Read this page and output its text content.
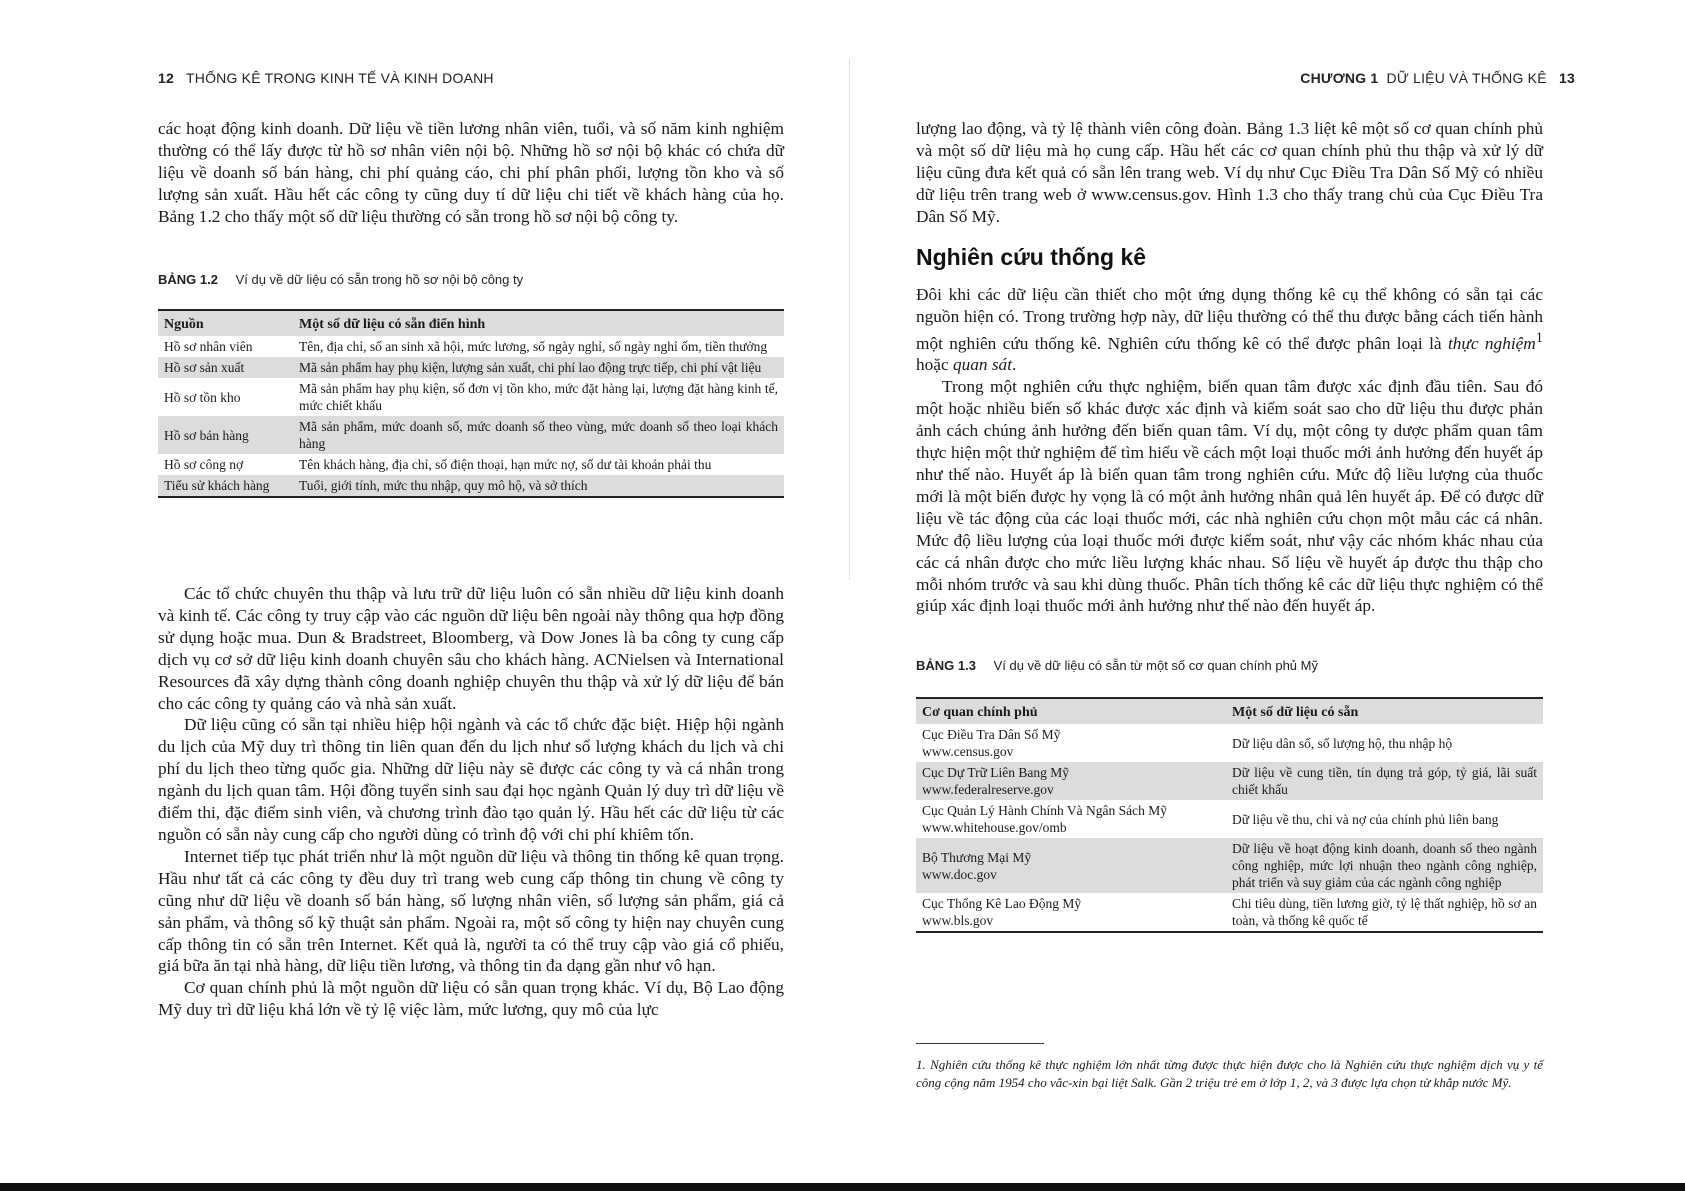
12 THỐNG KÊ TRONG KINH TẾ VÀ KINH DOANH

các hoạt động kinh doanh. Dữ liệu về tiền lương nhân viên, tuổi, và số năm kinh nghiệm thường có thể lấy được từ hồ sơ nhân viên nội bộ. Những hồ sơ nội bộ khác có chứa dữ liệu về doanh số bán hàng, chi phí quảng cáo, chi phí phân phối, lượng tồn kho và số lượng sản xuất. Hầu hết các công ty cũng duy tí dữ liệu chi tiết về khách hàng của họ. Bảng 1.2 cho thấy một số dữ liệu thường có sẵn trong hồ sơ nội bộ công ty.

BẢNG 1.2 Ví dụ về dữ liệu có sẵn trong hồ sơ nội bộ công ty
Nguồn	Một số dữ liệu có sẵn điển hình
Hồ sơ nhân viên	Tên, địa chỉ, số an sinh xã hội, mức lương, số ngày nghỉ, số ngày nghỉ ốm, tiền thưởng
Hồ sơ sản xuất	Mã sản phẩm hay phụ kiện, lượng sản xuất, chi phí lao động trực tiếp, chi phí vật liệu
Hồ sơ tồn kho	Mã sản phẩm hay phụ kiện, số đơn vị tồn kho, mức đặt hàng lại, lượng đặt hàng kinh tế, mức chiết khấu
Hồ sơ bán hàng	Mã sản phẩm, mức doanh số, mức doanh số theo vùng, mức doanh số theo loại khách hàng
Hồ sơ công nợ	Tên khách hàng, địa chỉ, số điện thoại, hạn mức nợ, số dư tài khoản phải thu
Tiểu sử khách hàng	Tuổi, giới tính, mức thu nhập, quy mô hộ, và sở thích

Các tổ chức chuyên thu thập và lưu trữ dữ liệu luôn có sẵn nhiều dữ liệu kinh doanh và kinh tế. Các công ty truy cập vào các nguồn dữ liệu bên ngoài này thông qua hợp đồng sử dụng hoặc mua. Dun & Bradstreet, Bloomberg, và Dow Jones là ba công ty cung cấp dịch vụ cơ sở dữ liệu kinh doanh chuyên sâu cho khách hàng. ACNielsen và International Resources đã xây dựng thành công doanh nghiệp chuyên thu thập và xử lý dữ liệu để bán cho các công ty quảng cáo và nhà sản xuất.

Dữ liệu cũng có sẵn tại nhiều hiệp hội ngành và các tổ chức đặc biệt. Hiệp hội ngành du lịch của Mỹ duy trì thông tin liên quan đến du lịch như số lượng khách du lịch và chi phí du lịch theo từng quốc gia. Những dữ liệu này sẽ được các công ty và cá nhân trong ngành du lịch quan tâm. Hội đồng tuyển sinh sau đại học ngành Quản lý duy trì dữ liệu về điểm thi, đặc điểm sinh viên, và chương trình đào tạo quản lý. Hầu hết các dữ liệu từ các nguồn có sẵn này cung cấp cho người dùng có trình độ với chi phí khiêm tốn.

Internet tiếp tục phát triển như là một nguồn dữ liệu và thông tin thống kê quan trọng. Hầu như tất cả các công ty đều duy trì trang web cung cấp thông tin chung về công ty cũng như dữ liệu về doanh số bán hàng, số lượng nhân viên, số lượng sản phẩm, giá cả sản phẩm, và thông số kỹ thuật sản phẩm. Ngoài ra, một số công ty hiện nay chuyên cung cấp thông tin có sẵn trên Internet. Kết quả là, người ta có thể truy cập vào giá cổ phiếu, giá bữa ăn tại nhà hàng, dữ liệu tiền lương, và thông tin đa dạng gần như vô hạn.

Cơ quan chính phủ là một nguồn dữ liệu có sẵn quan trọng khác. Ví dụ, Bộ Lao động Mỹ duy trì dữ liệu khá lớn về tỷ lệ việc làm, mức lương, quy mô của lực

CHƯƠNG 1 DỮ LIỆU VÀ THỐNG KÊ 13

lượng lao động, và tỷ lệ thành viên công đoàn. Bảng 1.3 liệt kê một số cơ quan chính phủ và một số dữ liệu mà họ cung cấp. Hầu hết các cơ quan chính phủ thu thập và xử lý dữ liệu cũng đưa kết quả có sẵn lên trang web. Ví dụ như Cục Điều Tra Dân Số Mỹ có nhiều dữ liệu trên trang web ở www.census.gov. Hình 1.3 cho thấy trang chủ của Cục Điều Tra Dân Số Mỹ.

Nghiên cứu thống kê

Đôi khi các dữ liệu cần thiết cho một ứng dụng thống kê cụ thể không có sẵn tại các nguồn hiện có. Trong trường hợp này, dữ liệu thường có thể thu được bằng cách tiến hành một nghiên cứu thống kê. Nghiên cứu thống kê có thể được phân loại là thực nghiệm$^1$ hoặc quan sát.

Trong một nghiên cứu thực nghiệm, biến quan tâm được xác định đầu tiên. Sau đó một hoặc nhiều biến số khác được xác định và kiểm soát sao cho dữ liệu thu được phản ảnh cách chúng ảnh hưởng đến biến quan tâm. Ví dụ, một công ty dược phẩm quan tâm thực hiện một thử nghiệm để tìm hiểu về cách một loại thuốc mới ảnh hưởng đến huyết áp như thế nào. Huyết áp là biến quan tâm trong nghiên cứu. Mức độ liều lượng của thuốc mới là một biến được hy vọng là có một ảnh hưởng nhân quả lên huyết áp. Để có được dữ liệu về tác động của các loại thuốc mới, các nhà nghiên cứu chọn một mẫu các cá nhân. Mức độ liều lượng của loại thuốc mới được kiểm soát, như vậy các nhóm khác nhau của các cá nhân được cho mức liều lượng khác nhau. Số liệu về huyết áp được thu thập cho mỗi nhóm trước và sau khi dùng thuốc. Phân tích thống kê các dữ liệu thực nghiệm có thể giúp xác định loại thuốc mới ảnh hưởng như thế nào đến huyết áp.

BẢNG 1.3 Ví dụ về dữ liệu có sẵn từ một số cơ quan chính phủ Mỹ
Cơ quan chính phủ	Một số dữ liệu có sẵn
Cục Điều Tra Dân Số Mỹ
www.census.gov	Dữ liệu dân số, số lượng hộ, thu nhập hộ
Cục Dự Trữ Liên Bang Mỹ
www.federalreserve.gov	Dữ liệu về cung tiền, tín dụng trả góp, tỷ giá, lãi suất chiết khấu
Cục Quản Lý Hành Chính Và Ngân Sách Mỹ
www.whitehouse.gov/omb	Dữ liệu về thu, chi và nợ của chính phủ liên bang
Bộ Thương Mại Mỹ
www.doc.gov	Dữ liệu về hoạt động kinh doanh, doanh số theo ngành công nghiệp, mức lợi nhuận theo ngành công nghiệp, phát triển và suy giảm của các ngành công nghiệp
Cục Thống Kê Lao Động Mỹ
www.bls.gov	Chi tiêu dùng, tiền lương giờ, tỷ lệ thất nghiệp, hồ sơ an toàn, và thống kê quốc tế
1. Nghiên cứu thống kê thực nghiệm lớn nhất từng được thực hiện được cho là Nghiên cứu thực nghiệm dịch vụ y tế công cộng năm 1954 cho vắc-xin bại liệt Salk. Gần 2 triệu trẻ em ở lớp 1, 2, và 3 được lựa chọn từ khắp nước Mỹ.
